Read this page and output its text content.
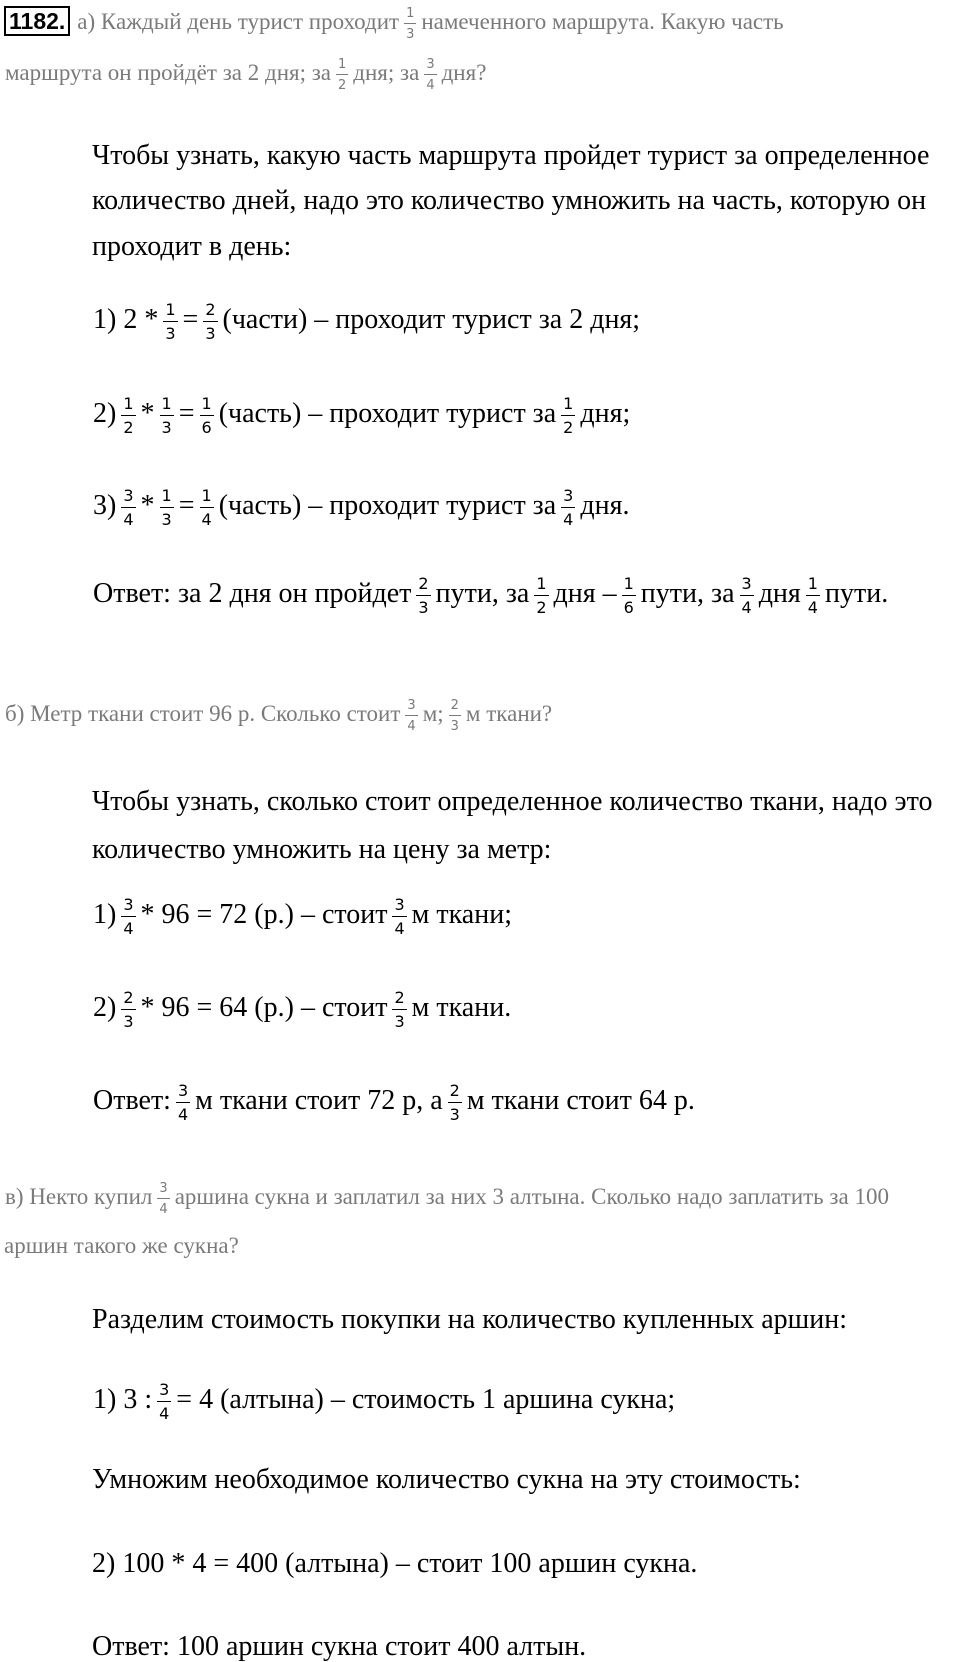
1182. а) Каждый день турист проходит $\frac{1}{3}$ намеченного маршрута. Какую часть
маршрута он пройдёт за 2 дня; за $\frac{1}{2}$ дня; за $\frac{3}{4}$ дня?
Чтобы узнать, какую часть маршрута пройдет турист за определенное
количество дней, надо это количество умножить на часть, которую он
проходит в день:
1) $2 * \frac{1}{3} = \frac{2}{3}$ (части) – проходит турист за 2 дня;
$2) \frac{1}{2} * \frac{1}{3} = \frac{1}{6}$ (часть) – проходит турист за $\frac{1}{2}$ дня;
$3) \frac{3}{4} * \frac{1}{3} = \frac{1}{4}$ (часть) – проходит турист за $\frac{3}{4}$ дня.
Ответ: за 2 дня он пройдет $\frac{2}{3}$ пути, за $\frac{1}{2}$ дня – $\frac{1}{6}$ пути, за $\frac{3}{4}$ дня $\frac{1}{4}$ пути.
б) Метр ткани стоит 96 р. Сколько стоит $\frac{3}{4} м$; $\frac{2}{3}$ м ткани?
Чтобы узнать, сколько стоит определенное количество ткани, надо это
количество умножить на цену за метр:
$1) \frac{3}{4} * 96 = 72$ (р.) – стоит $\frac{3}{4}$ м ткани;
$2) \frac{2}{3} * 96 = 64$ (р.) – стоит $\frac{2}{3}$ м ткани.
Ответ: $\frac{3}{4}$ м ткани стоит 72 р, а $\frac{2}{3}$ м ткани стоит 64 р.
в) Некто купил $\frac{3}{4}$ аршина сукна и заплатил за них 3 алтына. Сколько надо заплатить за 100
аршин такого же сукна?
Разделим стоимость покупки на количество купленных аршин:
1) 3 : $\frac{3}{4} = 4$ (алтына) – стоимость 1 аршина сукна;
Умножим необходимое количество сукна на эту стоимость:
2) 100 * 4 = 400 (алтына) – стоит 100 аршин сукна.
Ответ: 100 аршин сукна стоит 400 алтын.
